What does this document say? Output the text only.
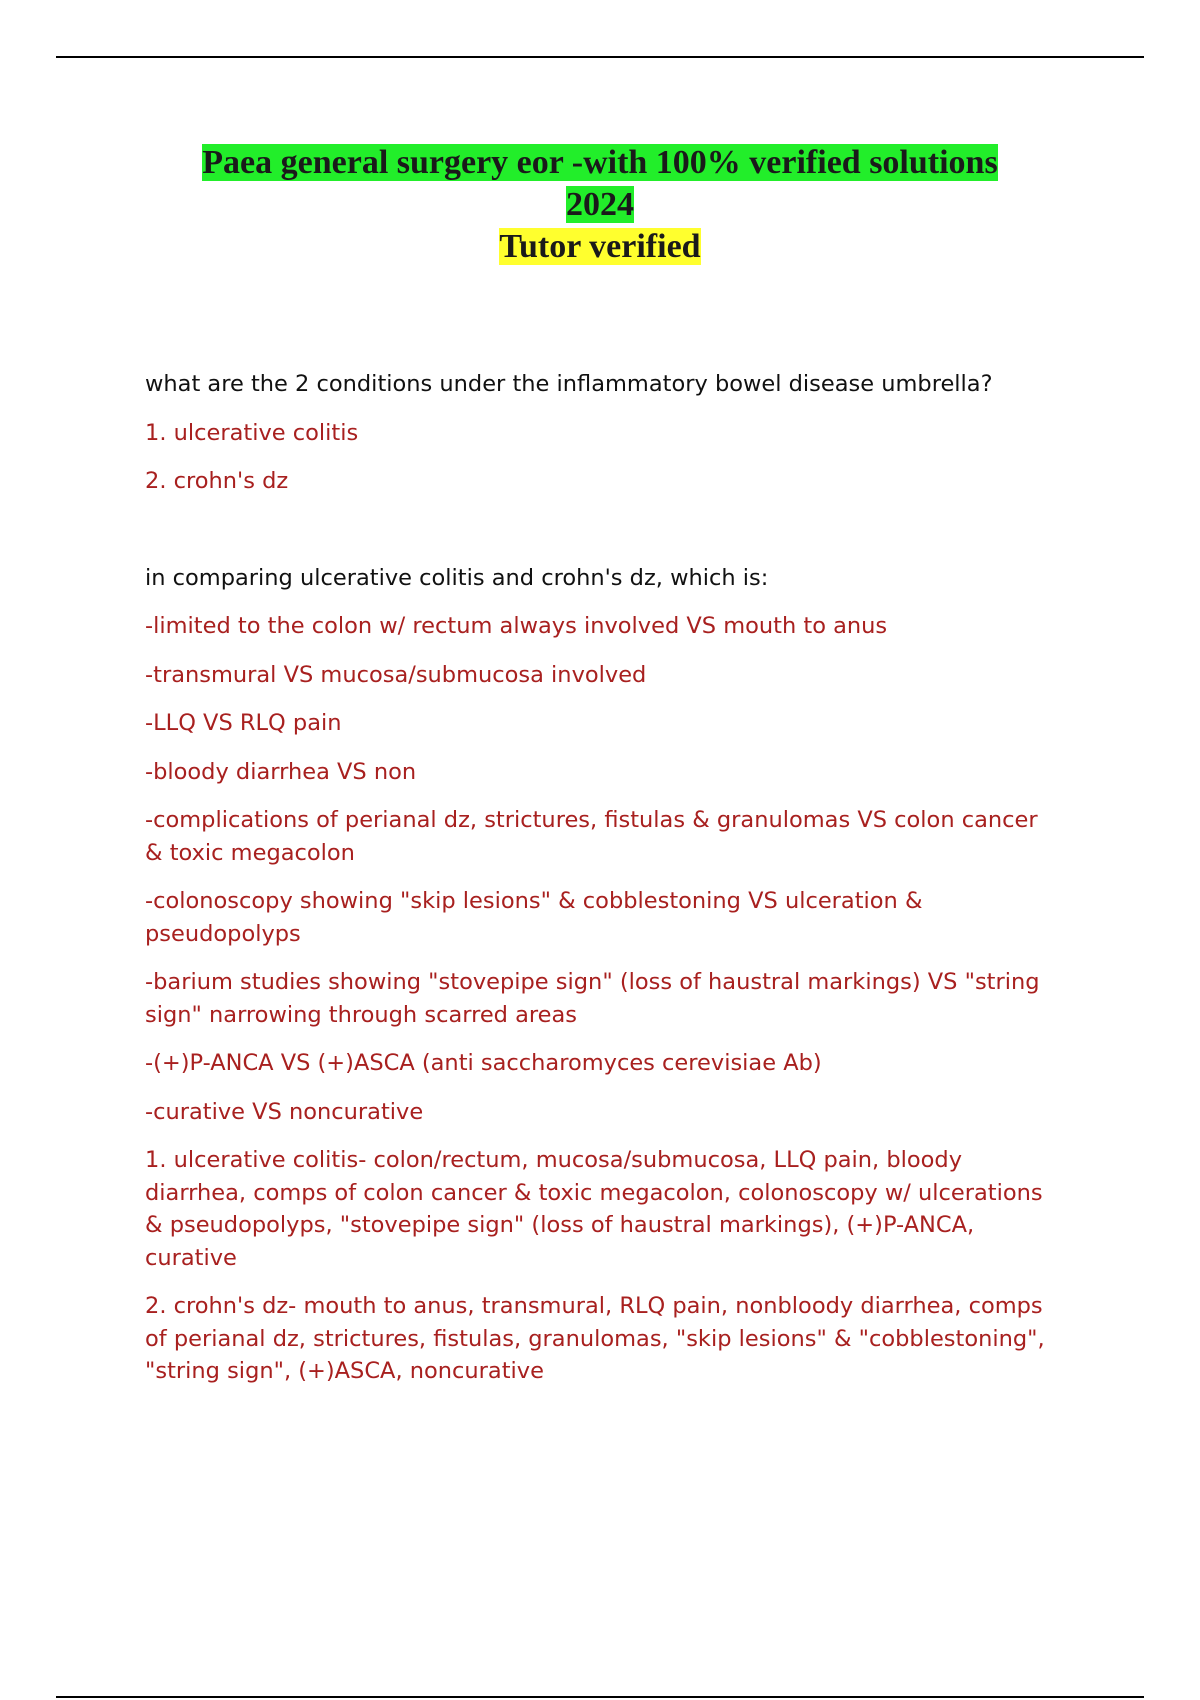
Paea general surgery eor -with 100% verified solutions
2024
Tutor verified

what are the 2 conditions under the inflammatory bowel disease umbrella?

1. ulcerative colitis

2. crohn's dz

in comparing ulcerative colitis and crohn's dz, which is:

-limited to the colon w/ rectum always involved VS mouth to anus

-transmural VS mucosa/submucosa involved

-LLQ VS RLQ pain

-bloody diarrhea VS non

-complications of perianal dz, strictures, fistulas & granulomas VS colon cancer & toxic megacolon

-colonoscopy showing "skip lesions" & cobblestoning VS ulceration & pseudopolyps

-barium studies showing "stovepipe sign" (loss of haustral markings) VS "string sign" narrowing through scarred areas

-(+)P-ANCA VS (+)ASCA (anti saccharomyces cerevisiae Ab)

-curative VS noncurative

1. ulcerative colitis- colon/rectum, mucosa/submucosa, LLQ pain, bloody diarrhea, comps of colon cancer & toxic megacolon, colonoscopy w/ ulcerations & pseudopolyps, "stovepipe sign" (loss of haustral markings), (+)P-ANCA, curative

2. crohn's dz- mouth to anus, transmural, RLQ pain, nonbloody diarrhea, comps of perianal dz, strictures, fistulas, granulomas, "skip lesions" & "cobblestoning", "string sign", (+)ASCA, noncurative
